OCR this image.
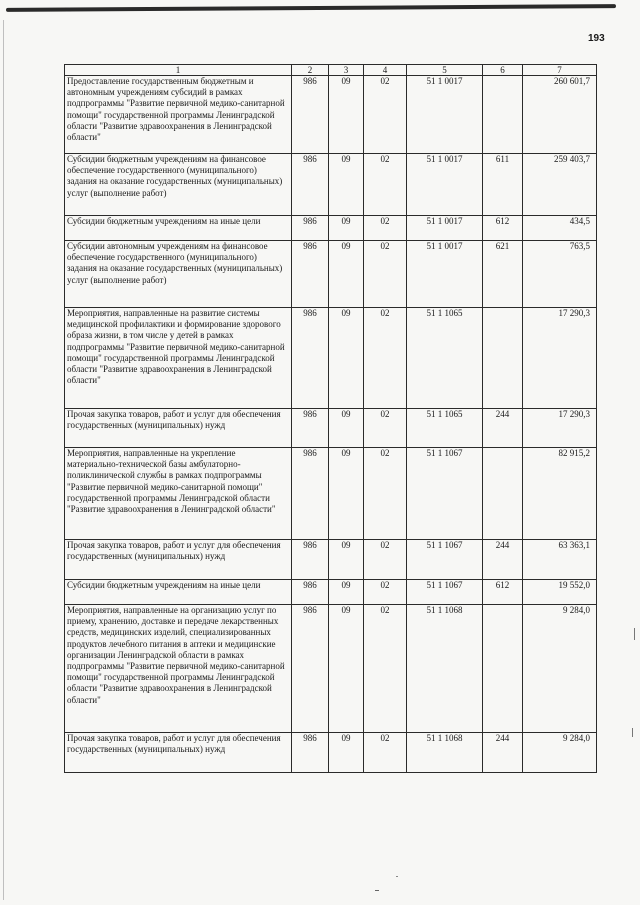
193
1	2	3	4	5	6	7
Предоставление государственным бюджетным и автономным учреждениям субсидий в рамках подпрограммы "Развитие первичной медико-санитарной помощи" государственной программы Ленинградской области "Развитие здравоохранения в Ленинградской области"	986	09	02	51 1 0017		260 601,7
Субсидии бюджетным учреждениям на финансовое обеспечение государственного (муниципального) задания на оказание государственных (муниципальных) услуг (выполнение работ)	986	09	02	51 1 0017	611	259 403,7
Субсидии бюджетным учреждениям на иные цели	986	09	02	51 1 0017	612	434,5
Субсидии автономным учреждениям на финансовое обеспечение государственного (муниципального) задания на оказание государственных (муниципальных) услуг (выполнение работ)	986	09	02	51 1 0017	621	763,5
Мероприятия, направленные на развитие системы медицинской профилактики и формирование здорового образа жизни, в том числе у детей в рамках подпрограммы "Развитие первичной медико-санитарной помощи" государственной программы Ленинградской области "Развитие здравоохранения в Ленинградской области"	986	09	02	51 1 1065		17 290,3
Прочая закупка товаров, работ и услуг для обеспечения государственных (муниципальных) нужд	986	09	02	51 1 1065	244	17 290,3
Мероприятия, направленные на укрепление материально-технической базы амбулаторно-поликлинической службы в рамках подпрограммы "Развитие первичной медико-санитарной помощи" государственной программы Ленинградской области "Развитие здравоохранения в Ленинградской области"	986	09	02	51 1 1067		82 915,2
Прочая закупка товаров, работ и услуг для обеспечения государственных (муниципальных) нужд	986	09	02	51 1 1067	244	63 363,1
Субсидии бюджетным учреждениям на иные цели	986	09	02	51 1 1067	612	19 552,0
Мероприятия, направленные на организацию услуг по приему, хранению, доставке и передаче лекарственных средств, медицинских изделий, специализированных продуктов лечебного питания в аптеки и медицинские организации Ленинградской области в рамках подпрограммы "Развитие первичной медико-санитарной помощи" государственной программы Ленинградской области "Развитие здравоохранения в Ленинградской области"	986	09	02	51 1 1068		9 284,0
Прочая закупка товаров, работ и услуг для обеспечения государственных (муниципальных) нужд	986	09	02	51 1 1068	244	9 284,0
